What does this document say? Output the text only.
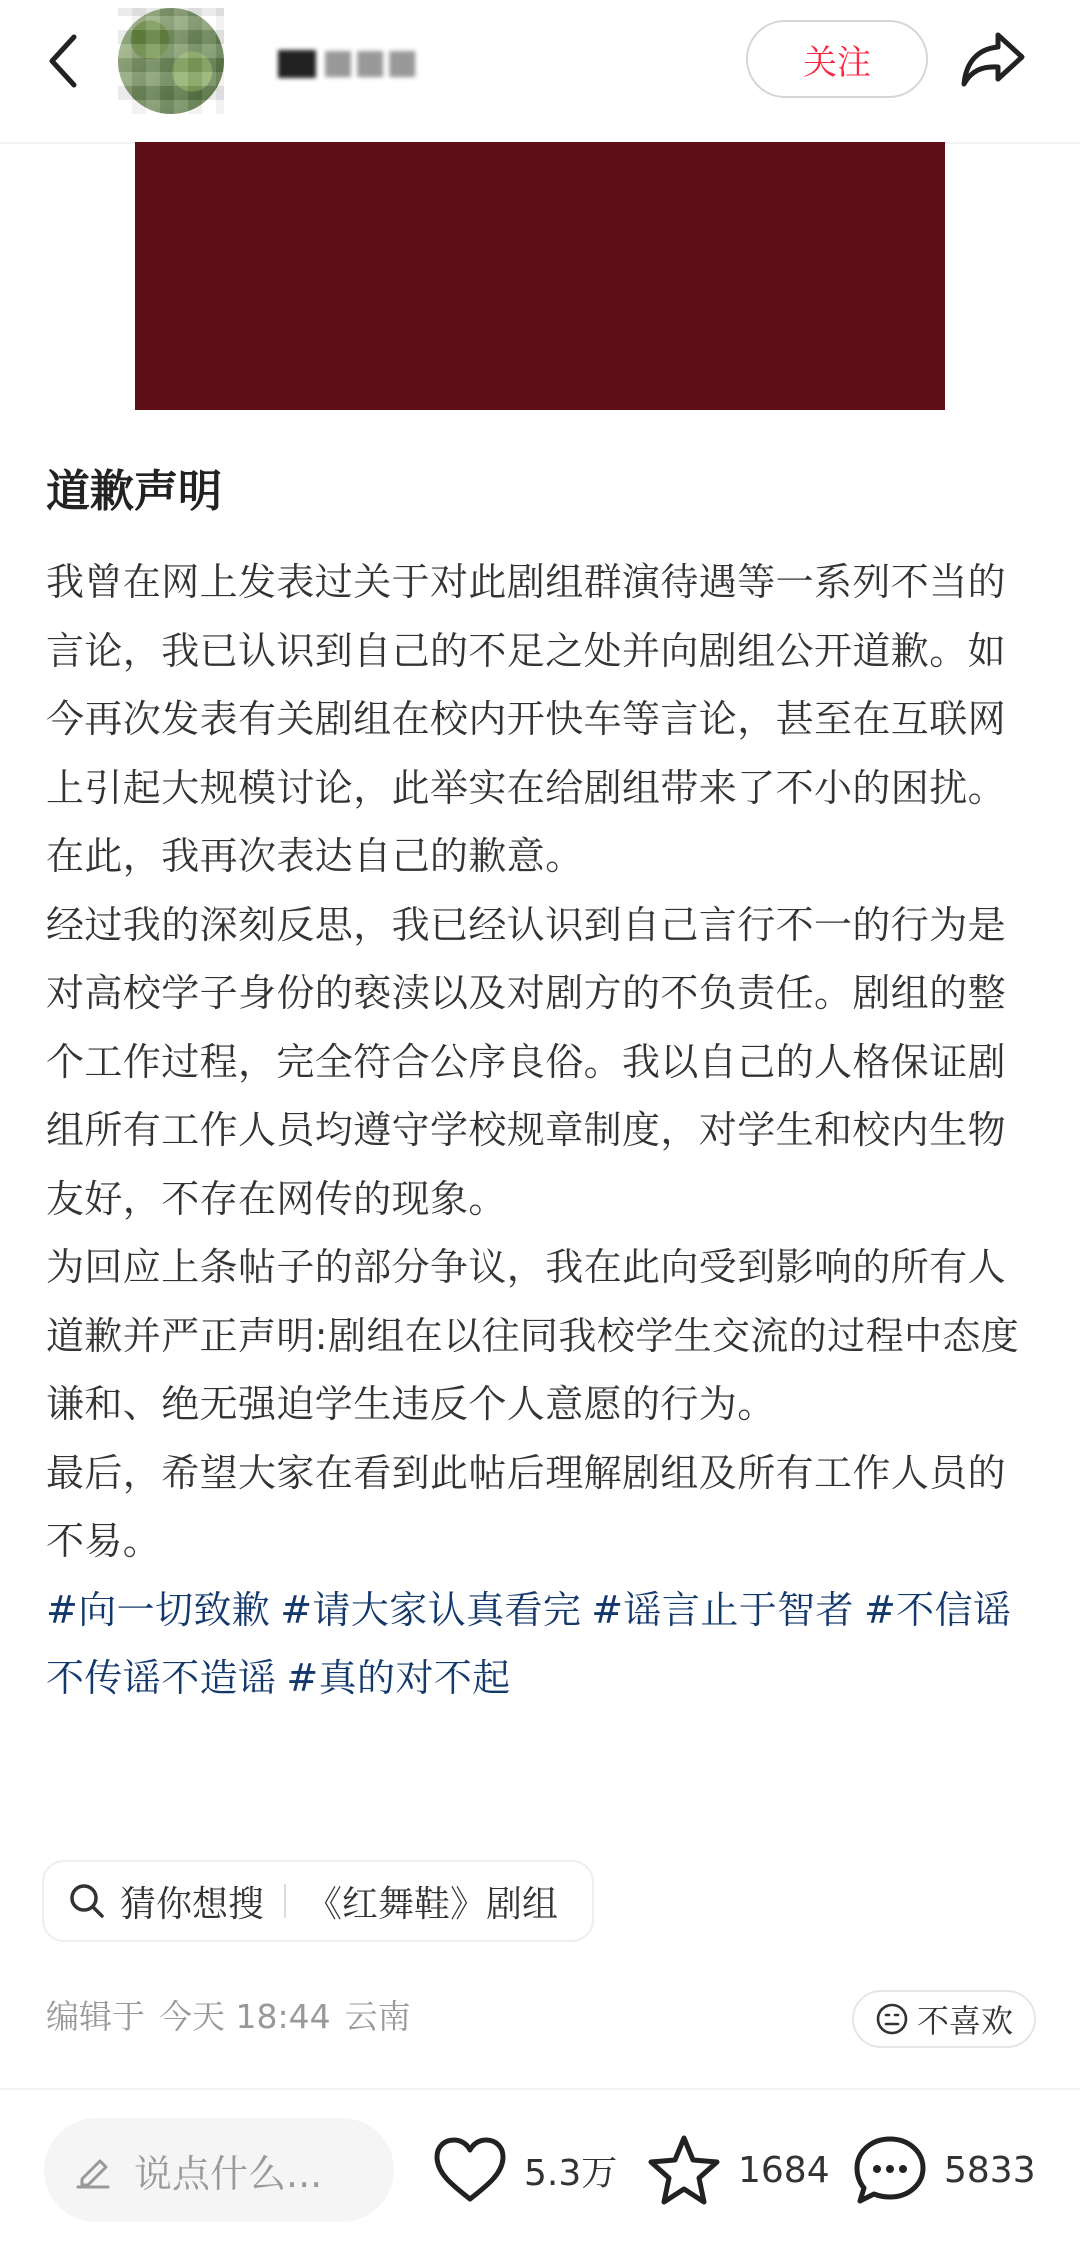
■■■	关注
道歉声明

我曾在网上发表过关于对此剧组群演待遇等一系列不当的言论，我已认识到自己的不足之处并向剧组公开道歉。如今再次发表有关剧组在校内开快车等言论，甚至在互联网上引起大规模讨论，此举实在给剧组带来了不小的困扰。在此，我再次表达自己的歉意。

经过我的深刻反思，我已经认识到自己言行不一的行为是对高校学子身份的亵渎以及对剧方的不负责任。剧组的整个工作过程，完全符合公序良俗。我以自己的人格保证剧组所有工作人员均遵守学校规章制度，对学生和校内生物友好，不存在网传的现象。

为回应上条帖子的部分争议，我在此向受到影响的所有人道歉并严正声明:剧组在以往同我校学生交流的过程中态度谦和、绝无强迫学生违反个人意愿的行为。

最后，希望大家在看到此帖后理解剧组及所有工作人员的不易。

#向一切致歉 #请大家认真看完 #谣言止于智者 #不信谣不传谣不造谣 #真的对不起

猜你想搜 《红舞鞋》剧组
编辑于 今天 18:44 云南	不喜欢
说点什么...	5.3万	1684	5833
